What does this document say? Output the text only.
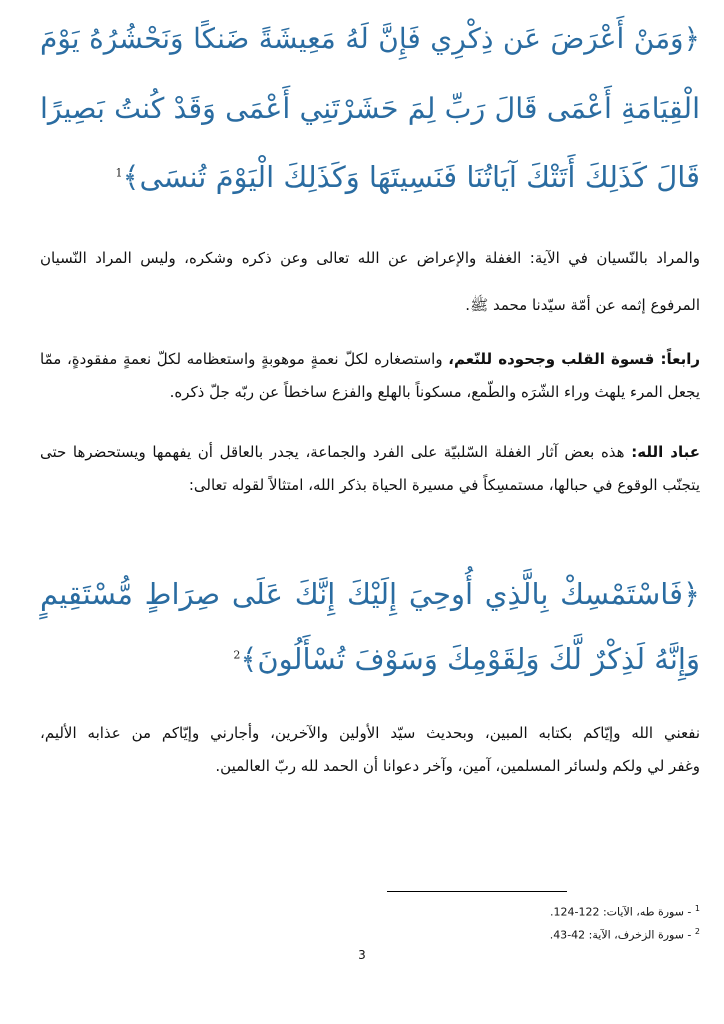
﴿وَمَنْ أَعْرَضَ عَن ذِكْرِي فَإِنَّ لَهُ مَعِيشَةً ضَنكًا وَنَحْشُرُهُ يَوْمَ
الْقِيَامَةِ أَعْمَى قَالَ رَبِّ لِمَ حَشَرْتَنِي أَعْمَى وَقَدْ كُنتُ بَصِيرًا
قَالَ كَذَلِكَ أَتَتْكَ آيَاتُنَا فَنَسِيتَهَا وَكَذَلِكَ الْيَوْمَ تُنسَى﴾$^1$
والمراد بالنّسيان في الآية: الغفلة والإعراض عن الله تعالى وعن ذكره وشكره، وليس المراد النّسيان
المرفوع إثمه عن أمّة سيّدنا محمد ﷺ.
رابعاً: قسوة القلب وجحوده للنّعم، واستصغاره لكلّ نعمةٍ موهوبةٍ واستعظامه لكلّ نعمةٍ مفقودةٍ، ممّا يجعل المرء يلهث وراء الشّرَه والطّمع، مسكوناً بالهلع والفزع ساخطاً عن ربّه جلّ ذكره.
عباد الله: هذه بعض آثار الغفلة السّلبيّة على الفرد والجماعة، يجدر بالعاقل أن يفهمها ويستحضرها حتى يتجنّب الوقوع في حبالها، مستمسِكاً في مسيرة الحياة بذكر الله، امتثالاً لقوله تعالى:
﴿فَاسْتَمْسِكْ بِالَّذِي أُوحِيَ إِلَيْكَ إِنَّكَ عَلَى صِرَاطٍ مُّسْتَقِيمٍ
وَإِنَّهُ لَذِكْرٌ لَّكَ وَلِقَوْمِكَ وَسَوْفَ تُسْأَلُونَ﴾$^2$
نفعني الله وإيّاكم بكتابه المبين، وبحديث سيّد الأولين والآخرين، وأجارني وإيّاكم من عذابه الأليم،
وغفر لي ولكم ولسائر المسلمين، آمين، وآخر دعوانا أن الحمد لله ربّ العالمين.
$^1$ - سورة طه، الآيات: 122-124.
$^2$ - سورة الزخرف، الآية: 42-43.
3
